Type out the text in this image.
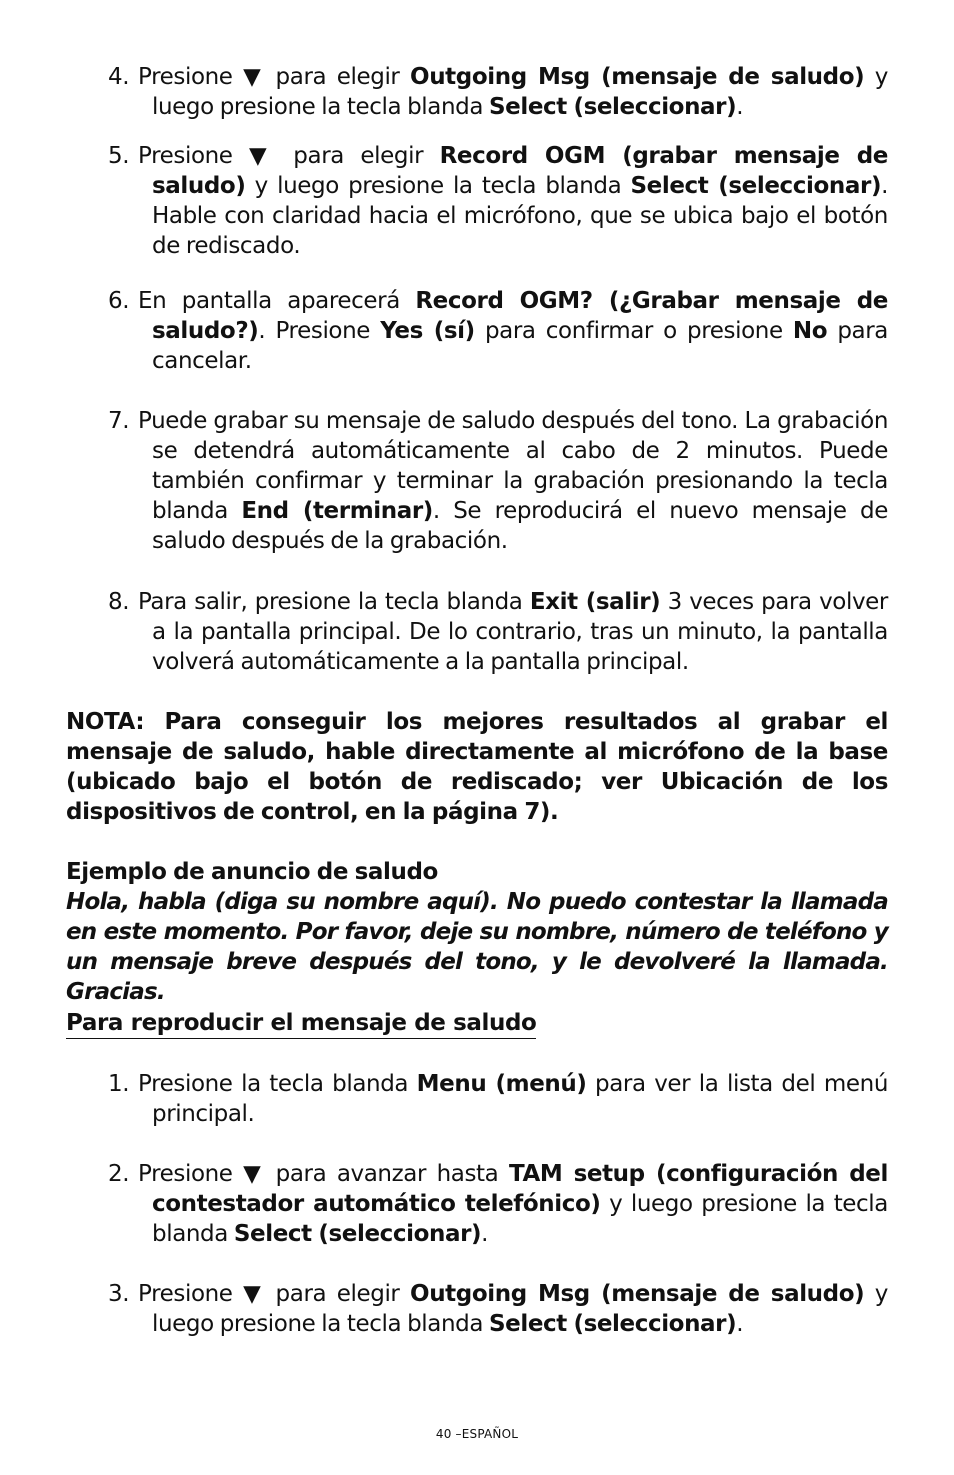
4. Presione ▼ para elegir Outgoing Msg (mensaje de saludo) y luego presione la tecla blanda Select (seleccionar).
5. Presione ▼ para elegir Record OGM (grabar mensaje de saludo) y luego presione la tecla blanda Select (seleccionar). Hable con claridad hacia el micrófono, que se ubica bajo el botón de rediscado.
6. En pantalla aparecerá Record OGM? (¿Grabar mensaje de saludo?). Presione Yes (sí) para confirmar o presione No para cancelar.
7. Puede grabar su mensaje de saludo después del tono. La grabación se detendrá automáticamente al cabo de 2 minutos. Puede también confirmar y terminar la grabación presionando la tecla blanda End (terminar). Se reproducirá el nuevo mensaje de saludo después de la grabación.
8. Para salir, presione la tecla blanda Exit (salir) 3 veces para volver a la pantalla principal. De lo contrario, tras un minuto, la pantalla volverá automáticamente a la pantalla principal.
NOTA: Para conseguir los mejores resultados al grabar el mensaje de saludo, hable directamente al micrófono de la base (ubicado bajo el botón de rediscado; ver Ubicación de los dispositivos de control, en la página 7).
Ejemplo de anuncio de saludo
Hola, habla (diga su nombre aquí). No puedo contestar la llamada en este momento. Por favor, deje su nombre, número de teléfono y un mensaje breve después del tono, y le devolveré la llamada. Gracias.
Para reproducir el mensaje de saludo
1. Presione la tecla blanda Menu (menú) para ver la lista del menú principal.
2. Presione ▼ para avanzar hasta TAM setup (configuración del contestador automático telefónico) y luego presione la tecla blanda Select (seleccionar).
3. Presione ▼ para elegir Outgoing Msg (mensaje de saludo) y luego presione la tecla blanda Select (seleccionar).
40 –ESPAÑOL
